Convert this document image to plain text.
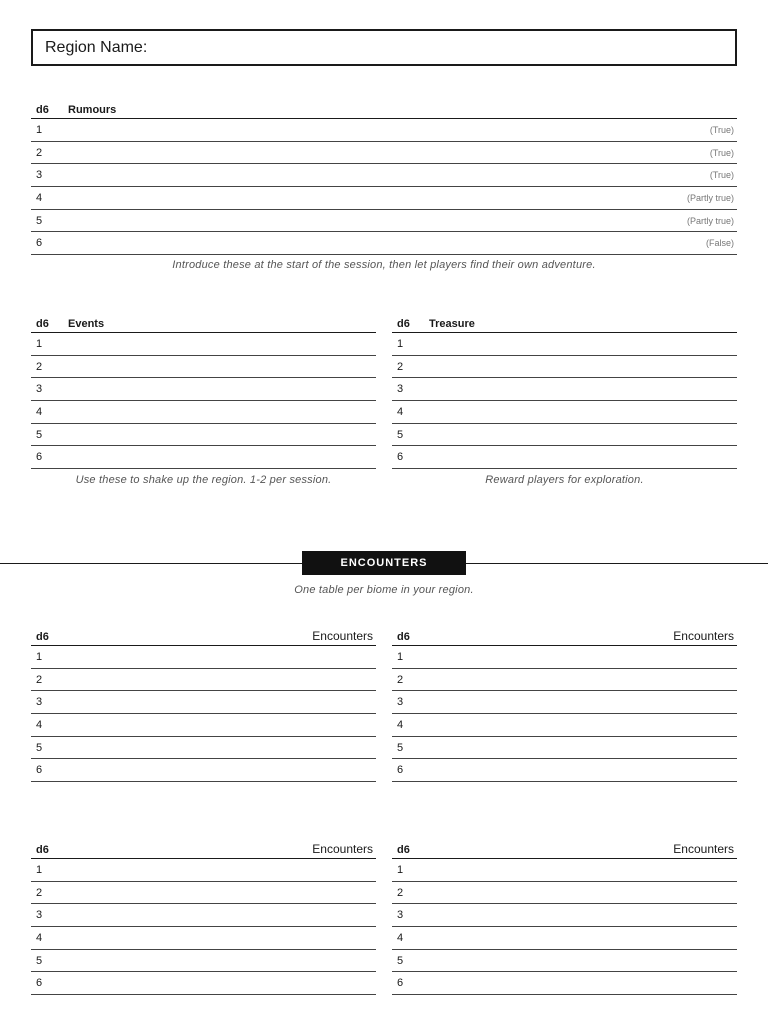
Region Name:
d6	Rumours
1	(True)
2	(True)
3	(True)
4	(Partly true)
5	(Partly true)
6	(False)
Introduce these at the start of the session, then let players find their own adventure.
d6	Events
1
2
3
4
5
6
Use these to shake up the region. 1-2 per session.
d6	Treasure
1
2
3
4
5
6
Reward players for exploration.
ENCOUNTERS
One table per biome in your region.
d6	Encounters
1
2
3
4
5
6
d6	Encounters
1
2
3
4
5
6
d6	Encounters
1
2
3
4
5
6
d6	Encounters
1
2
3
4
5
6
